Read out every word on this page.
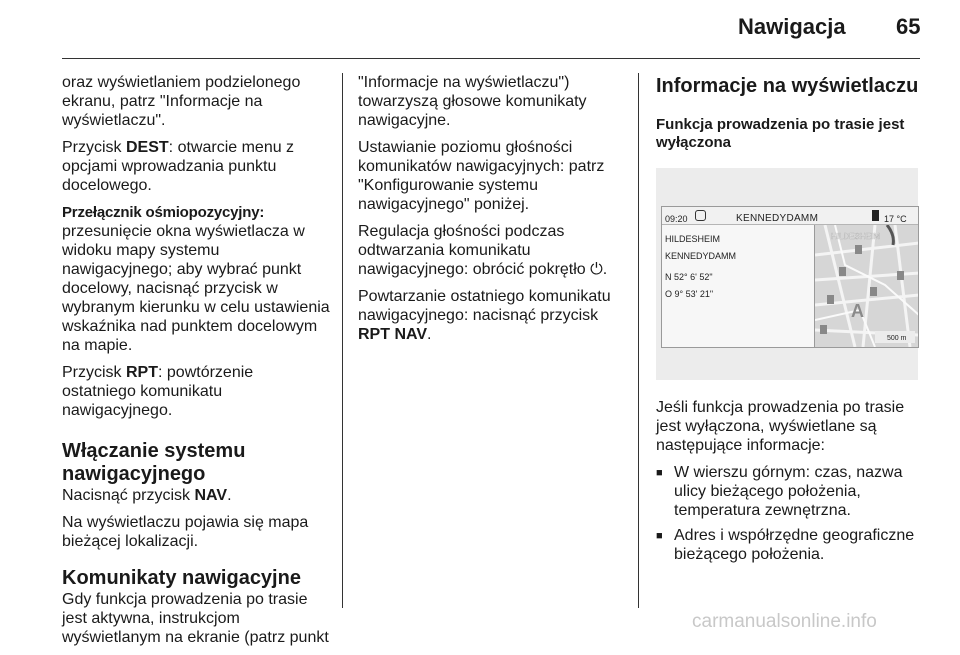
Nawigacja 65

oraz wyświetlaniem podzielonego ekranu, patrz "Informacje na wyświetlaczu".

Przycisk DEST: otwarcie menu z opcjami wprowadzania punktu docelowego.

Przełącznik ośmiopozycyjny:

przesunięcie okna wyświetlacza w widoku mapy systemu nawigacyjnego; aby wybrać punkt docelowy, nacisnąć przycisk w wybranym kierunku w celu ustawienia wskaźnika nad punktem docelowym na mapie.

Przycisk RPT: powtórzenie ostatniego komunikatu nawigacyjnego.

Włączanie systemu nawigacyjnego

Nacisnąć przycisk NAV.

Na wyświetlaczu pojawia się mapa bieżącej lokalizacji.

Komunikaty nawigacyjne

Gdy funkcja prowadzenia po trasie jest aktywna, instrukcjom wyświetlanym na ekranie (patrz punkt

"Informacje na wyświetlaczu") towarzyszą głosowe komunikaty nawigacyjne.

Ustawianie poziomu głośności komunikatów nawigacyjnych: patrz "Konfigurowanie systemu nawigacyjnego" poniżej.

Regulacja głośności podczas odtwarzania komunikatu nawigacyjnego: obrócić pokrętło ⏻.

Powtarzanie ostatniego komunikatu nawigacyjnego: nacisnąć przycisk RPT NAV.

Informacje na wyświetlaczu
Funkcja prowadzenia po trasie jest wyłączona
09:20	KENNEDYDAMM	17 °C
HILDESHEIM
KENNEDYDAMM
N 52° 6' 52"
O 9° 53' 21"
HILDESHEIM
A
500 m

Jeśli funkcja prowadzenia po trasie jest wyłączona, wyświetlane są następujące informacje:

■ W wierszu górnym: czas, nazwa ulicy bieżącego położenia, temperatura zewnętrzna.
■ Adres i współrzędne geograficzne bieżącego położenia.
carmanualsonline.info
